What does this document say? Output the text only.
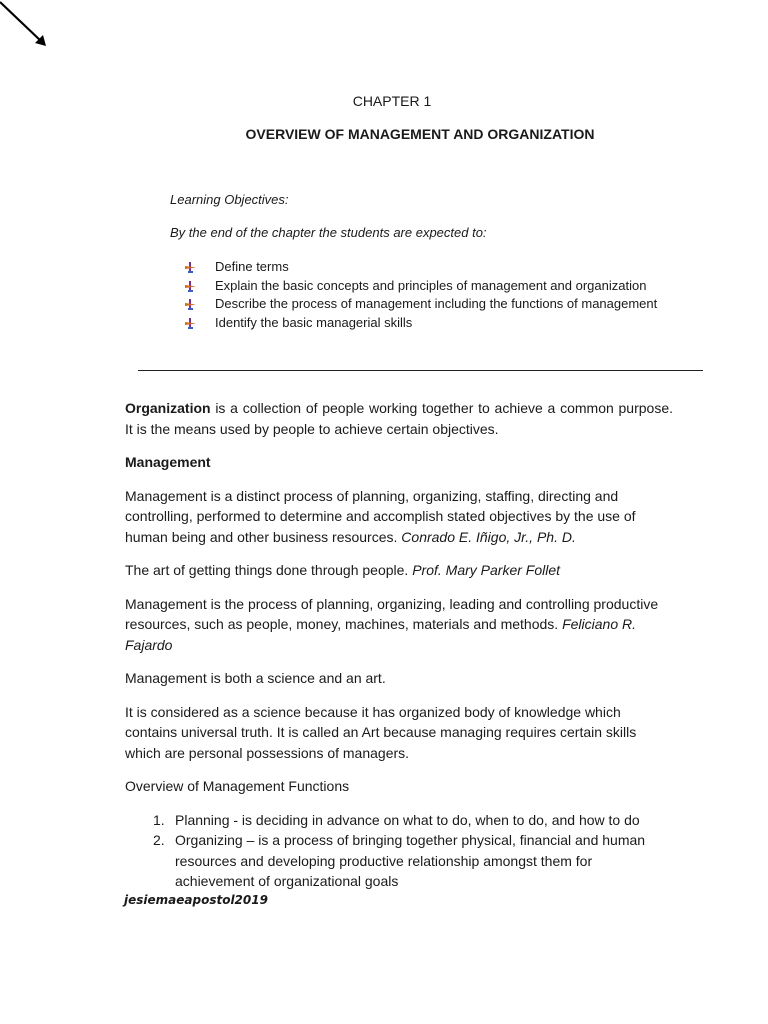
CHAPTER 1
OVERVIEW OF MANAGEMENT AND ORGANIZATION
Learning Objectives:
By the end of the chapter the students are expected to:
Define terms
Explain the basic concepts and principles of management and organization
Describe the process of management including the functions of management
Identify the basic managerial skills

Organization is a collection of people working together to achieve a common purpose. It is the means used by people to achieve certain objectives.

Management

Management is a distinct process of planning, organizing, staffing, directing and controlling, performed to determine and accomplish stated objectives by the use of human being and other business resources. Conrado E. Iñigo, Jr., Ph. D.

The art of getting things done through people. Prof. Mary Parker Follet

Management is the process of planning, organizing, leading and controlling productive resources, such as people, money, machines, materials and methods. Feliciano R. Fajardo

Management is both a science and an art.

It is considered as a science because it has organized body of knowledge which contains universal truth. It is called an Art because managing requires certain skills which are personal possessions of managers.

Overview of Management Functions

1. Planning - is deciding in advance on what to do, when to do, and how to do
2. Organizing – is a process of bringing together physical, financial and human resources and developing productive relationship amongst them for achievement of organizational goals
jesiemaeapostol2019
